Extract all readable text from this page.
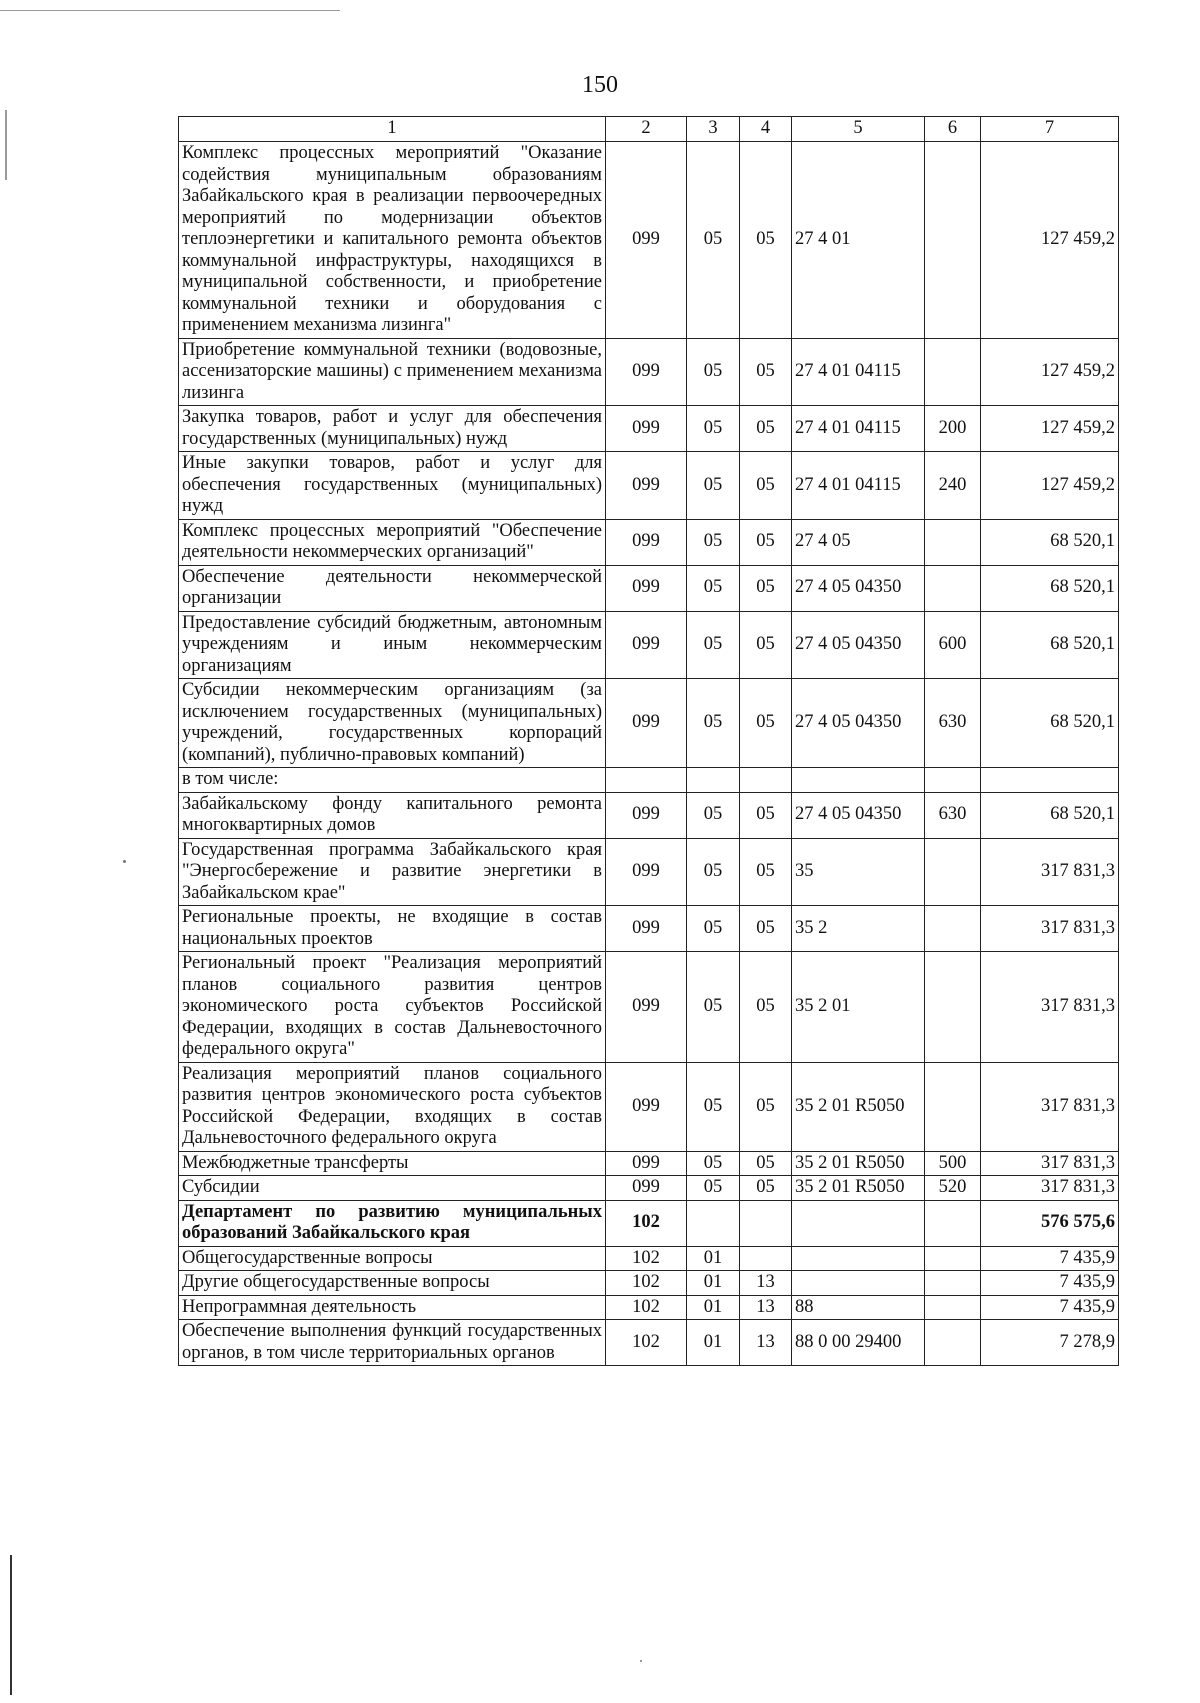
150
1	2	3	4	5	6	7
Комплекс процессных мероприятий "Оказание содействия муниципальным образованиям Забайкальского края в реализации первоочередных мероприятий по модернизации объектов теплоэнергетики и капитального ремонта объектов коммунальной инфраструктуры, находящихся в муниципальной собственности, и приобретение коммунальной техники и оборудования с применением механизма лизинга"	099	05	05	27 4 01		127 459,2
Приобретение коммунальной техники (водовозные, ассенизаторские машины) с применением механизма лизинга	099	05	05	27 4 01 04115		127 459,2
Закупка товаров, работ и услуг для обеспечения государственных (муниципальных) нужд	099	05	05	27 4 01 04115	200	127 459,2
Иные закупки товаров, работ и услуг для обеспечения государственных (муниципальных) нужд	099	05	05	27 4 01 04115	240	127 459,2
Комплекс процессных мероприятий "Обеспечение деятельности некоммерческих организаций"	099	05	05	27 4 05		68 520,1
Обеспечение деятельности некоммерческой организации	099	05	05	27 4 05 04350		68 520,1
Предоставление субсидий бюджетным, автономным учреждениям и иным некоммерческим организациям	099	05	05	27 4 05 04350	600	68 520,1
Субсидии некоммерческим организациям (за исключением государственных (муниципальных) учреждений, государственных корпораций (компаний), публично-правовых компаний)	099	05	05	27 4 05 04350	630	68 520,1
в том числе:						
Забайкальскому фонду капитального ремонта многоквартирных домов	099	05	05	27 4 05 04350	630	68 520,1
Государственная программа Забайкальского края "Энергосбережение и развитие энергетики в Забайкальском крае"	099	05	05	35		317 831,3
Региональные проекты, не входящие в состав национальных проектов	099	05	05	35 2		317 831,3
Региональный проект "Реализация мероприятий планов социального развития центров экономического роста субъектов Российской Федерации, входящих в состав Дальневосточного федерального округа"	099	05	05	35 2 01		317 831,3
Реализация мероприятий планов социального развития центров экономического роста субъектов Российской Федерации, входящих в состав Дальневосточного федерального округа	099	05	05	35 2 01 R5050		317 831,3
Межбюджетные трансферты	099	05	05	35 2 01 R5050	500	317 831,3
Субсидии	099	05	05	35 2 01 R5050	520	317 831,3
Департамент по развитию муниципальных образований Забайкальского края	102					576 575,6
Общегосударственные вопросы	102	01				7 435,9
Другие общегосударственные вопросы	102	01	13			7 435,9
Непрограммная деятельность	102	01	13	88		7 435,9
Обеспечение выполнения функций государственных органов, в том числе территориальных органов	102	01	13	88 0 00 29400		7 278,9
